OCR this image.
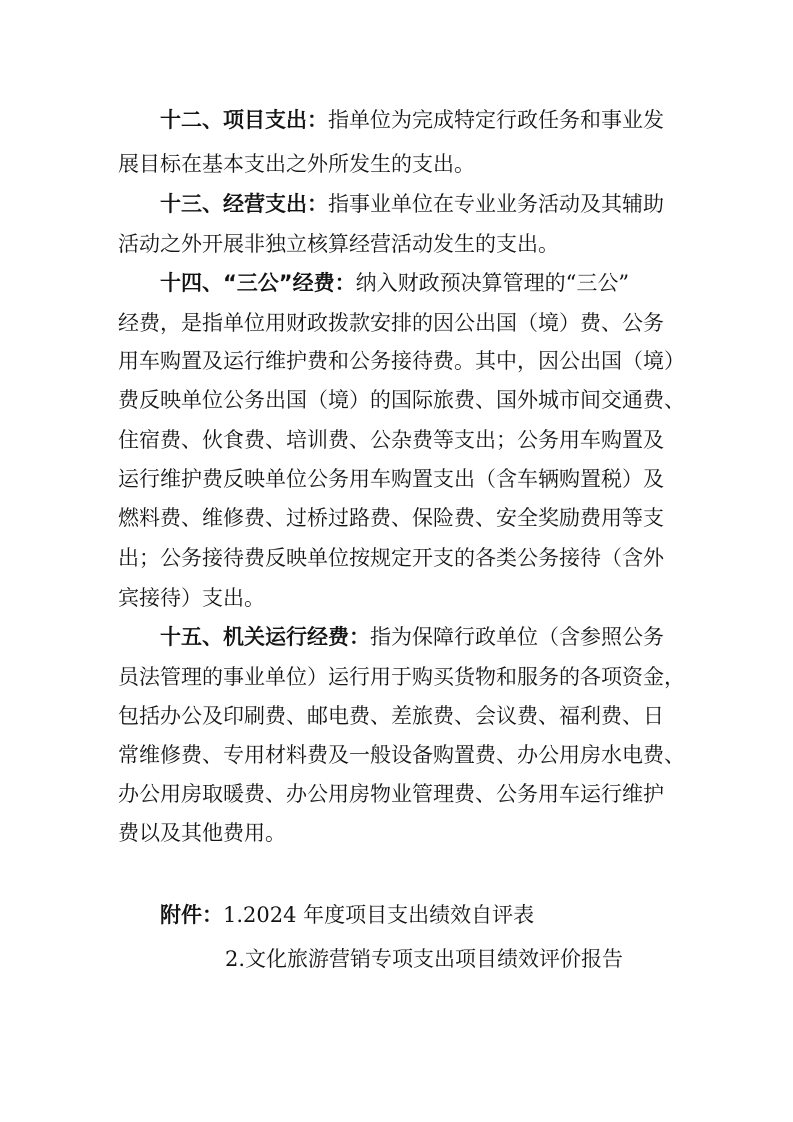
十二、项目支出：指单位为完成特定行政任务和事业发
展目标在基本支出之外所发生的支出。
十三、经营支出：指事业单位在专业业务活动及其辅助
活动之外开展非独立核算经营活动发生的支出。
十四、“三公”经费：纳入财政预决算管理的“三公”
经费，是指单位用财政拨款安排的因公出国（境）费、公务
用车购置及运行维护费和公务接待费。其中，因公出国（境）
费反映单位公务出国（境）的国际旅费、国外城市间交通费、
住宿费、伙食费、培训费、公杂费等支出；公务用车购置及
运行维护费反映单位公务用车购置支出（含车辆购置税）及
燃料费、维修费、过桥过路费、保险费、安全奖励费用等支
出；公务接待费反映单位按规定开支的各类公务接待（含外
宾接待）支出。
十五、机关运行经费：指为保障行政单位（含参照公务
员法管理的事业单位）运行用于购买货物和服务的各项资金，
包括办公及印刷费、邮电费、差旅费、会议费、福利费、日
常维修费、专用材料费及一般设备购置费、办公用房水电费、
办公用房取暖费、办公用房物业管理费、公务用车运行维护
费以及其他费用。
附件：1.2024 年度项目支出绩效自评表
2.文化旅游营销专项支出项目绩效评价报告
